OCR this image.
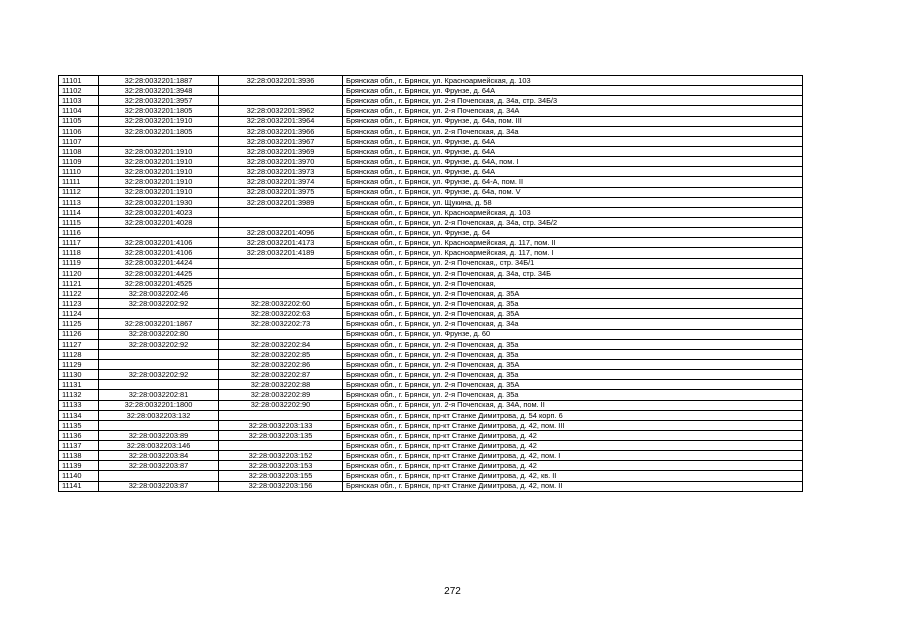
11101	32:28:0032201:1887	32:28:0032201:3936	Брянская обл., г. Брянск, ул. Красноармейская, д. 103
11102	32:28:0032201:3948		Брянская обл., г. Брянск, ул. Фрунзе, д. 64А
11103	32:28:0032201:3957		Брянская обл., г. Брянск, ул. 2-я Почепская, д. 34а, стр. 34Б/3
11104	32:28:0032201:1805	32:28:0032201:3962	Брянская обл., г. Брянск, ул. 2-я Почепская, д. 34А
11105	32:28:0032201:1910	32:28:0032201:3964	Брянская обл., г. Брянск, ул. Фрунзе, д. 64а, пом. III
11106	32:28:0032201:1805	32:28:0032201:3966	Брянская обл., г. Брянск, ул. 2-я Почепская, д. 34а
11107		32:28:0032201:3967	Брянская обл., г. Брянск, ул. Фрунзе, д. 64А
11108	32:28:0032201:1910	32:28:0032201:3969	Брянская обл., г. Брянск, ул. Фрунзе, д. 64А
11109	32:28:0032201:1910	32:28:0032201:3970	Брянская обл., г. Брянск, ул. Фрунзе, д. 64А, пом. I
11110	32:28:0032201:1910	32:28:0032201:3973	Брянская обл., г. Брянск, ул. Фрунзе, д. 64А
11111	32:28:0032201:1910	32:28:0032201:3974	Брянская обл., г. Брянск, ул. Фрунзе, д. 64-А, пом. II
11112	32:28:0032201:1910	32:28:0032201:3975	Брянская обл., г. Брянск, ул. Фрунзе, д. 64а, пом. V
11113	32:28:0032201:1930	32:28:0032201:3989	Брянская обл., г. Брянск, ул. Щукина, д. 58
11114	32:28:0032201:4023		Брянская обл., г. Брянск, ул. Красноармейская, д. 103
11115	32:28:0032201:4028		Брянская обл., г. Брянск, ул. 2-я Почепская, д. 34а, стр. 34Б/2
11116		32:28:0032201:4096	Брянская обл., г. Брянск, ул. Фрунзе, д. 64
11117	32:28:0032201:4106	32:28:0032201:4173	Брянская обл., г. Брянск, ул. Красноармейская, д. 117, пом. II
11118	32:28:0032201:4106	32:28:0032201:4189	Брянская обл., г. Брянск, ул. Красноармейская, д. 117, пом. I
11119	32:28:0032201:4424		Брянская обл., г. Брянск, ул. 2-я Почепская,, стр. 34Б/1
11120	32:28:0032201:4425		Брянская обл., г. Брянск, ул. 2-я Почепская, д. 34а, стр. 34Б
11121	32:28:0032201:4525		Брянская обл., г. Брянск, ул. 2-я Почепская,
11122	32:28:0032202:46		Брянская обл., г. Брянск, ул. 2-я Почепская, д. 35А
11123	32:28:0032202:92	32:28:0032202:60	Брянская обл., г. Брянск, ул. 2-я Почепская, д. 35а
11124		32:28:0032202:63	Брянская обл., г. Брянск, ул. 2-я Почепская, д. 35А
11125	32:28:0032201:1867	32:28:0032202:73	Брянская обл., г. Брянск, ул. 2-я Почепская, д. 34а
11126	32:28:0032202:80		Брянская обл., г. Брянск, ул. Фрунзе, д. 60
11127	32:28:0032202:92	32:28:0032202:84	Брянская обл., г. Брянск, ул. 2-я Почепская, д. 35а
11128		32:28:0032202:85	Брянская обл., г. Брянск, ул. 2-я Почепская, д. 35а
11129		32:28:0032202:86	Брянская обл., г. Брянск, ул. 2-я Почепская, д. 35А
11130	32:28:0032202:92	32:28:0032202:87	Брянская обл., г. Брянск, ул. 2-я Почепская, д. 35а
11131		32:28:0032202:88	Брянская обл., г. Брянск, ул. 2-я Почепская, д. 35А
11132	32:28:0032202:81	32:28:0032202:89	Брянская обл., г. Брянск, ул. 2-я Почепская, д. 35а
11133	32:28:0032201:1800	32:28:0032202:90	Брянская обл., г. Брянск, ул. 2-я Почепская, д. 34А, пом. II
11134	32:28:0032203:132		Брянская обл., г. Брянск, пр-кт Станке Димитрова, д. 54 корп. 6
11135		32:28:0032203:133	Брянская обл., г. Брянск, пр-кт Станке Димитрова, д. 42, пом. III
11136	32:28:0032203:89	32:28:0032203:135	Брянская обл., г. Брянск, пр-кт Станке Димитрова, д. 42
11137	32:28:0032203:146		Брянская обл., г. Брянск, пр-кт Станке Димитрова, д. 42
11138	32:28:0032203:84	32:28:0032203:152	Брянская обл., г. Брянск, пр-кт Станке Димитрова, д. 42, пом. I
11139	32:28:0032203:87	32:28:0032203:153	Брянская обл., г. Брянск, пр-кт Станке Димитрова, д. 42
11140		32:28:0032203:155	Брянская обл., г. Брянск, пр-кт Станке Димитрова, д. 42, кв. II
11141	32:28:0032203:87	32:28:0032203:156	Брянская обл., г. Брянск, пр-кт Станке Димитрова, д. 42, пом. II
272
